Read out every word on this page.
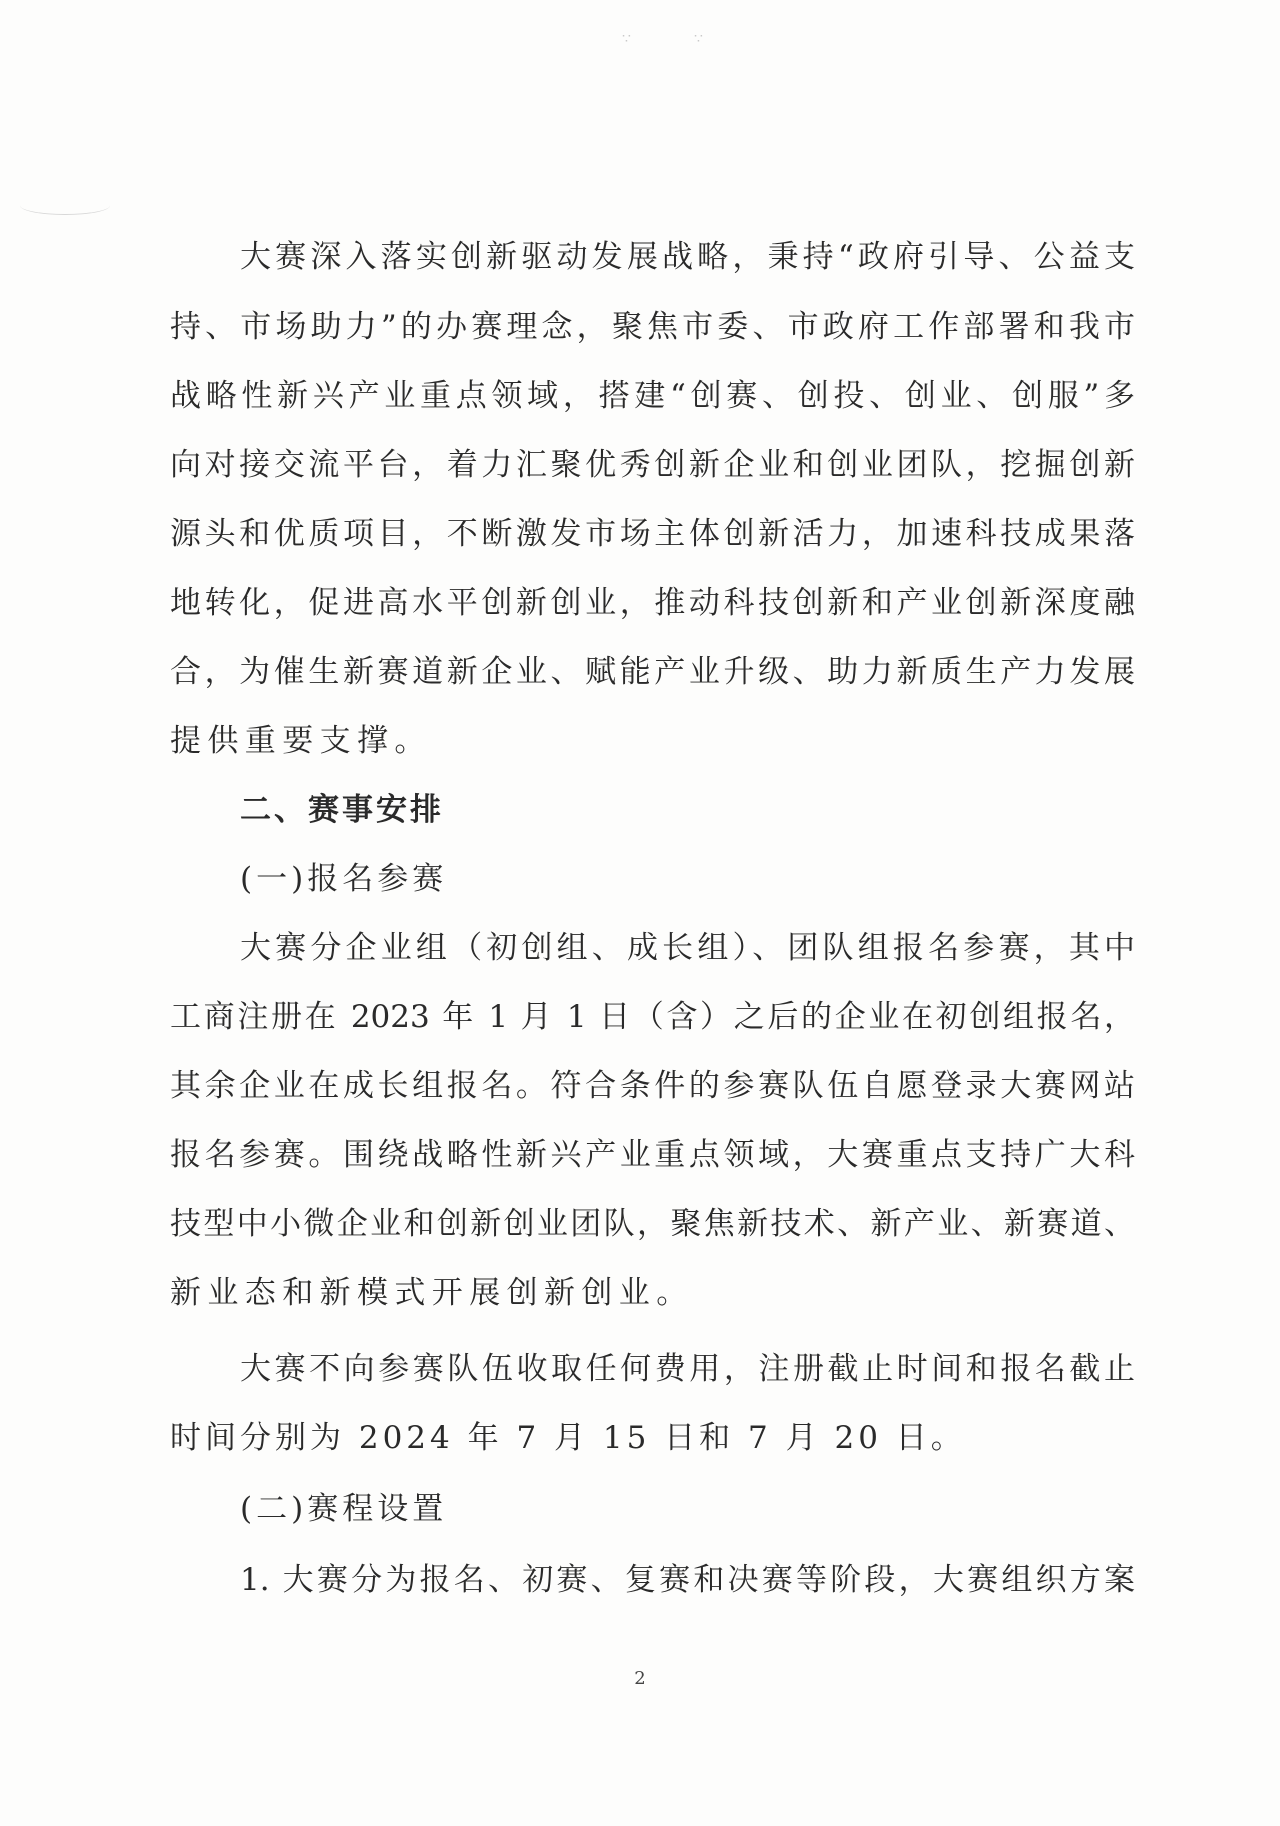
∵	∵
大赛深入落实创新驱动发展战略，秉持“政府引导、公益支
持、市场助力”的办赛理念，聚焦市委、市政府工作部署和我市
战略性新兴产业重点领域，搭建“创赛、创投、创业、创服”多
向对接交流平台，着力汇聚优秀创新企业和创业团队，挖掘创新
源头和优质项目，不断激发市场主体创新活力，加速科技成果落
地转化，促进高水平创新创业，推动科技创新和产业创新深度融
合，为催生新赛道新企业、赋能产业升级、助力新质生产力发展
提供重要支撑。
二、赛事安排
(一)报名参赛
大赛分企业组（初创组、成长组）、团队组报名参赛，其中
工商注册在 2023 年 1 月 1 日（含）之后的企业在初创组报名，
其余企业在成长组报名。符合条件的参赛队伍自愿登录大赛网站
报名参赛。围绕战略性新兴产业重点领域，大赛重点支持广大科
技型中小微企业和创新创业团队，聚焦新技术、新产业、新赛道、
新业态和新模式开展创新创业。
大赛不向参赛队伍收取任何费用，注册截止时间和报名截止
时间分别为 2024 年 7 月 15 日和 7 月 20 日。
(二)赛程设置
1. 大赛分为报名、初赛、复赛和决赛等阶段，大赛组织方案
2
